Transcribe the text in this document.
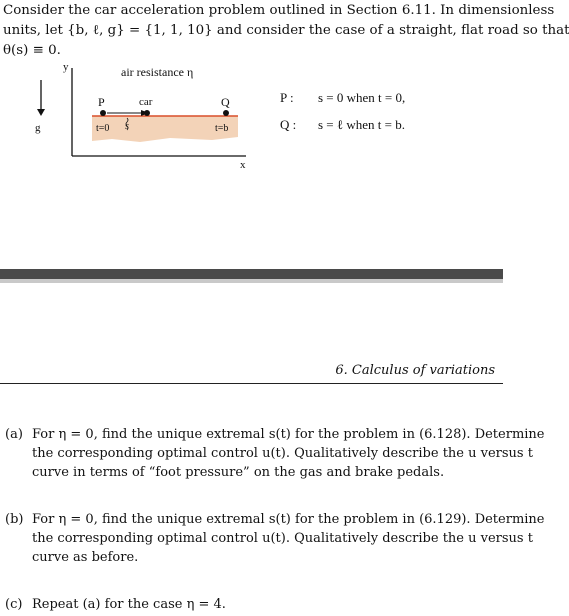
Consider the car acceleration problem outlined in Section 6.11. In dimensionless
units, let {b, ℓ, g} = {1, 1, 10} and consider the case of a straight, flat road so that
θ(s) ≡ 0.

y	air resistance η
P	car	Q
g	t=0 s	t=b
x
P : s = 0 when t = 0,
Q : s = ℓ when t = b.
6. Calculus of variations
(a) For η = 0, find the unique extremal s(t) for the problem in (6.128). Determine
the corresponding optimal control u(t). Qualitatively describe the u versus t
curve in terms of “foot pressure” on the gas and brake pedals.
(b) For η = 0, find the unique extremal s(t) for the problem in (6.129). Determine
the corresponding optimal control u(t). Qualitatively describe the u versus t
curve as before.
(c) Repeat (a) for the case η = 4.
